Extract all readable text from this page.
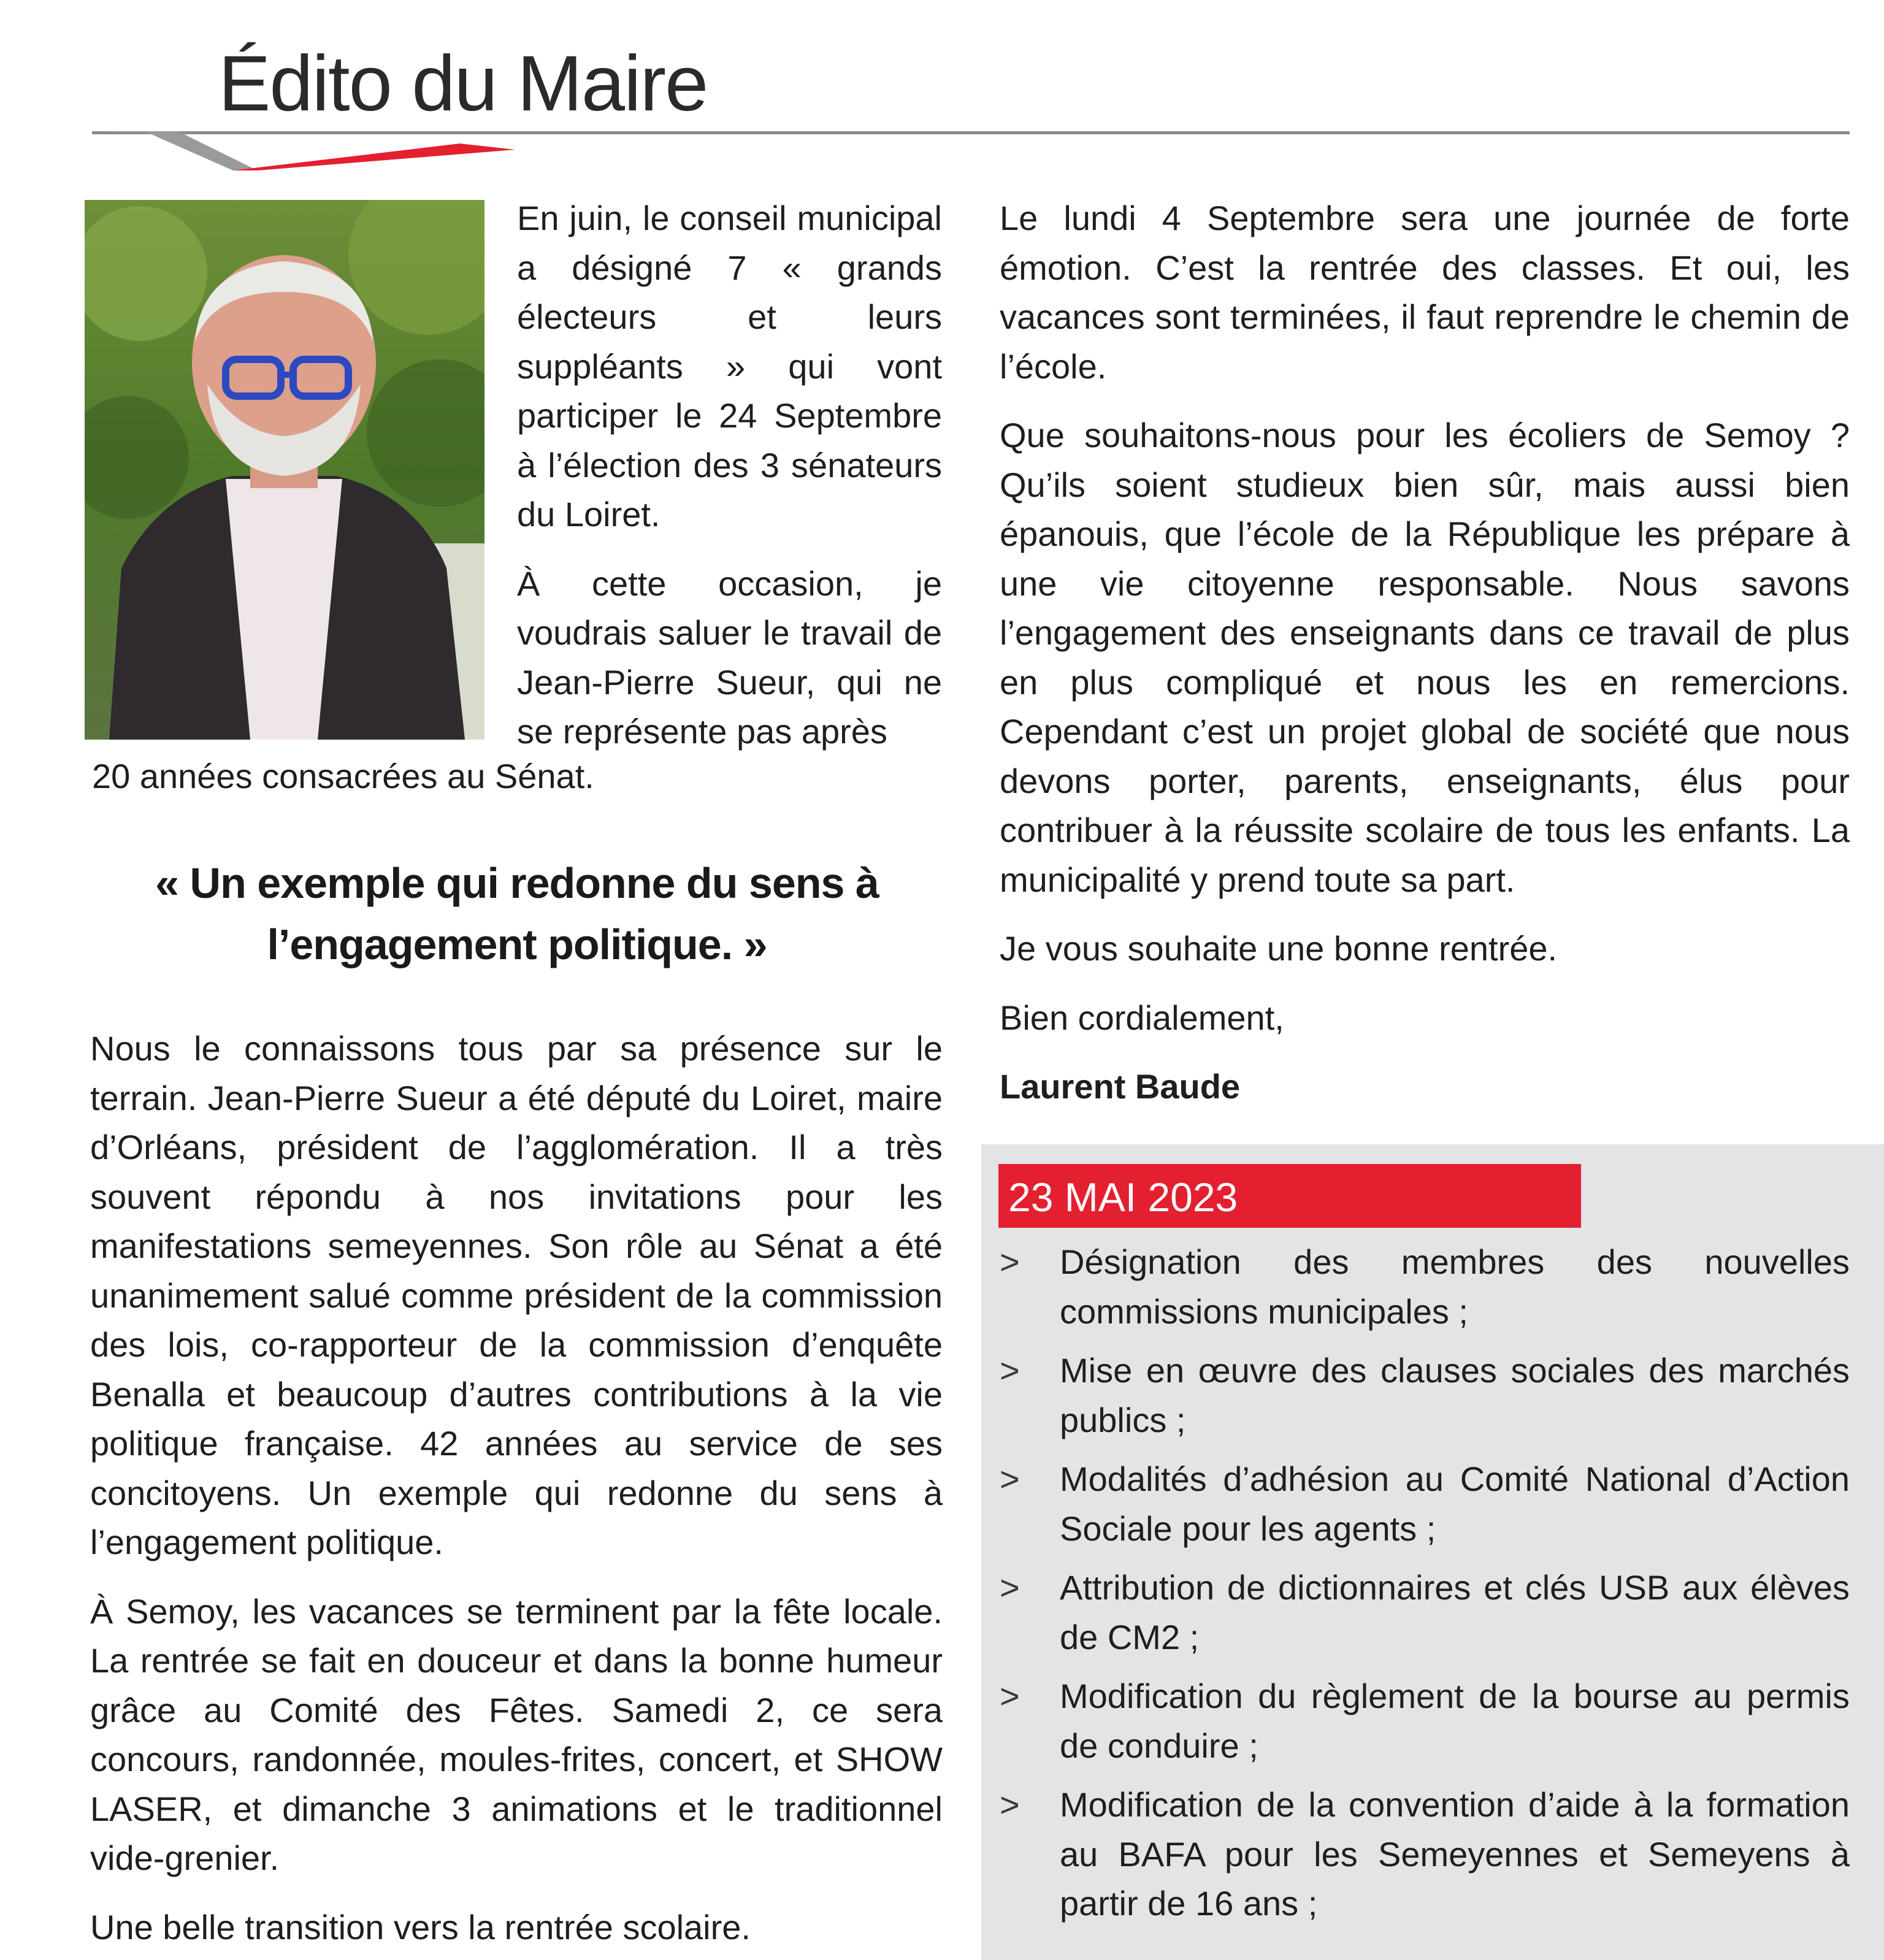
Édito du Maire

En juin, le conseil municipal a désigné 7 « grands électeurs et leurs suppléants » qui vont participer le 24 Septembre à l’élection des 3 sénateurs du Loiret.

À cette occasion, je voudrais saluer le travail de Jean-Pierre Sueur, qui ne se représente pas après

20 années consacrées au Sénat.

« Un exemple qui redonne du sens à l’engagement politique. »

Nous le connaissons tous par sa présence sur le terrain. Jean-Pierre Sueur a été député du Loiret, maire d’Orléans, président de l’agglomération. Il a très souvent répondu à nos invitations pour les manifestations semeyennes. Son rôle au Sénat a été unanimement salué comme président de la commission des lois, co-rapporteur de la commission d’enquête Benalla et beaucoup d’autres contributions à la vie politique française. 42 années au service de ses concitoyens. Un exemple qui redonne du sens à l’engagement politique.

À Semoy, les vacances se terminent par la fête locale. La rentrée se fait en douceur et dans la bonne humeur grâce au Comité des Fêtes. Samedi 2, ce sera concours, randonnée, moules-frites, concert, et SHOW LASER, et dimanche 3 animations et le traditionnel vide-grenier.

Une belle transition vers la rentrée scolaire.

Le lundi 4 Septembre sera une journée de forte émotion. C’est la rentrée des classes. Et oui, les vacances sont terminées, il faut reprendre le chemin de l’école.

Que souhaitons-nous pour les écoliers de Semoy ? Qu’ils soient studieux bien sûr, mais aussi bien épanouis, que l’école de la République les prépare à une vie citoyenne responsable. Nous savons l’engagement des enseignants dans ce travail de plus en plus compliqué et nous les en remercions. Cependant c’est un projet global de société que nous devons porter, parents, enseignants, élus pour contribuer à la réussite scolaire de tous les enfants. La municipalité y prend toute sa part.

Je vous souhaite une bonne rentrée.

Bien cordialement,

Laurent Baude

23 MAI 2023
>	Désignation des membres des nouvelles commissions municipales ;
>	Mise en œuvre des clauses sociales des marchés publics ;
>	Modalités d’adhésion au Comité National d’Action Sociale pour les agents ;
>	Attribution de dictionnaires et clés USB aux élèves de CM2 ;
>	Modification du règlement de la bourse au permis de conduire ;
>	Modification de la convention d’aide à la formation au BAFA pour les Semeyennes et Semeyens à partir de 16 ans ;
